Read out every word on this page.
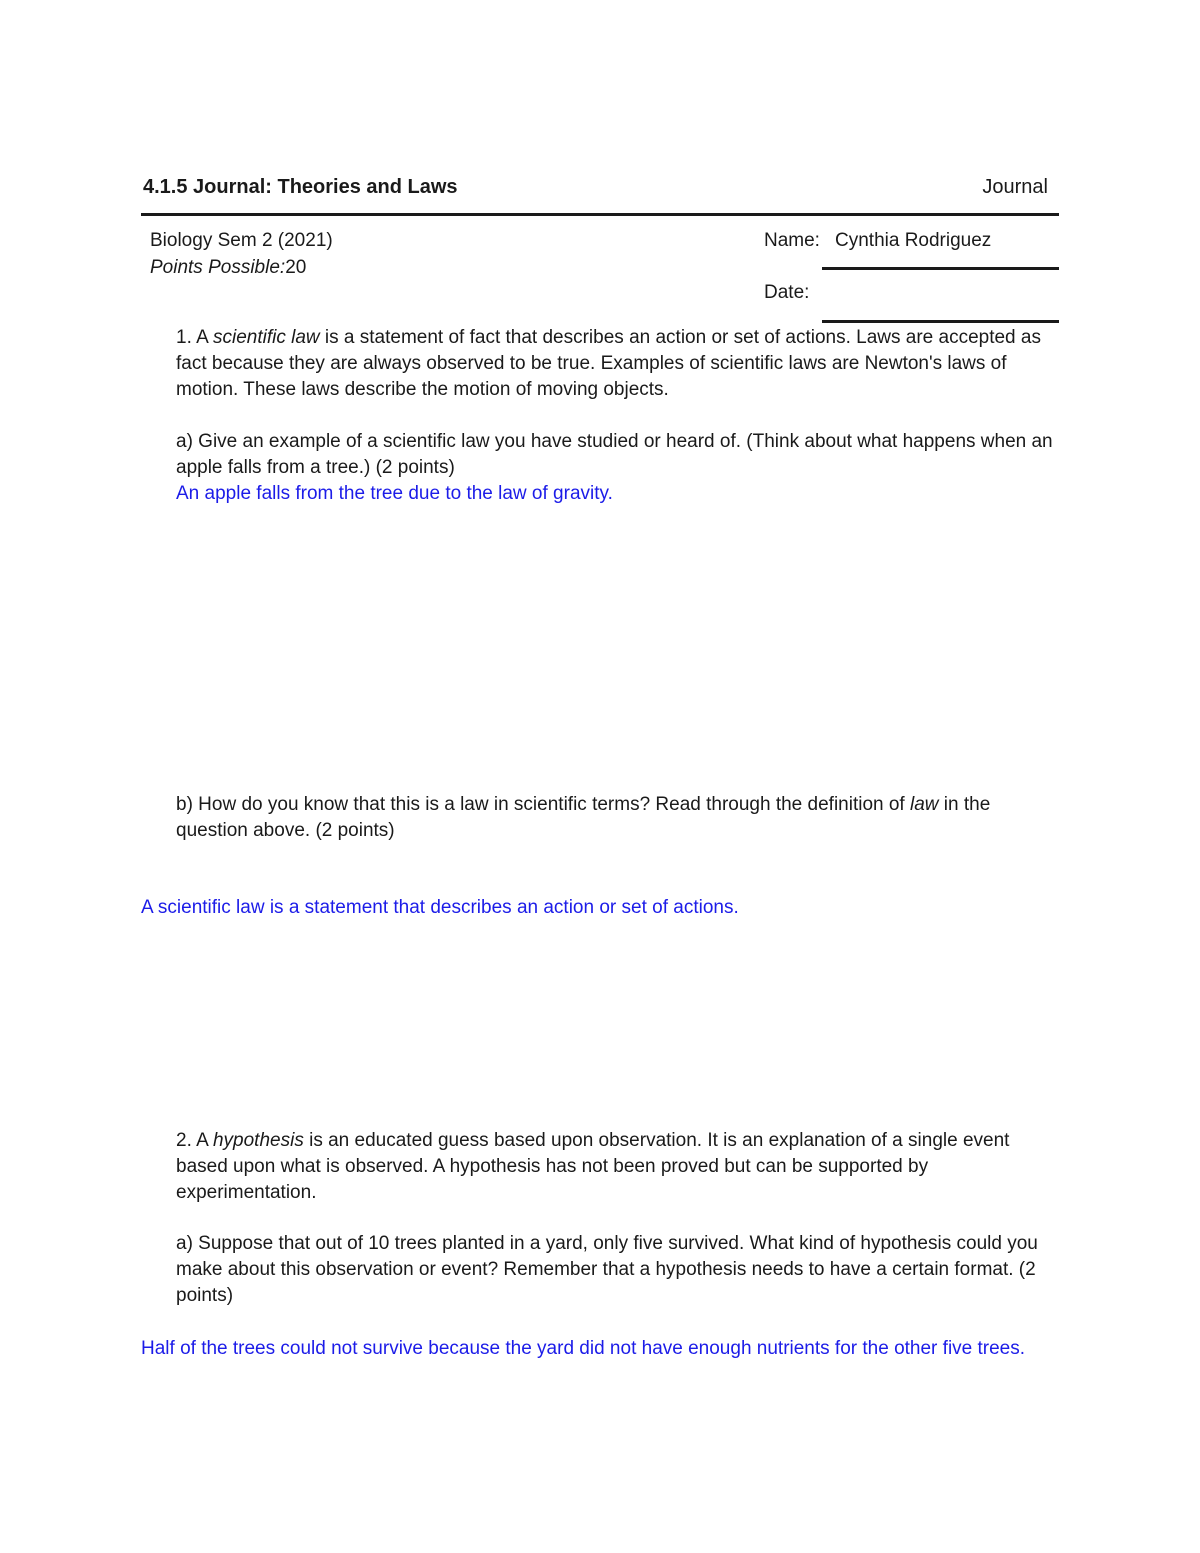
4.1.5 Journal: Theories and Laws	Journal
Biology Sem 2 (2021)
Points Possible:20
Name: Cynthia Rodriguez
Date:
1. A scientific law is a statement of fact that describes an action or set of actions. Laws are accepted as fact because they are always observed to be true. Examples of scientific laws are Newton's laws of motion. These laws describe the motion of moving objects.
a) Give an example of a scientific law you have studied or heard of. (Think about what happens when an apple falls from a tree.) (2 points)
An apple falls from the tree due to the law of gravity.
b) How do you know that this is a law in scientific terms? Read through the definition of law in the question above. (2 points)
A scientific law is a statement that describes an action or set of actions.
2. A hypothesis is an educated guess based upon observation. It is an explanation of a single event based upon what is observed. A hypothesis has not been proved but can be supported by experimentation.
a) Suppose that out of 10 trees planted in a yard, only five survived. What kind of hypothesis could you make about this observation or event? Remember that a hypothesis needs to have a certain format. (2 points)
Half of the trees could not survive because the yard did not have enough nutrients for the other five trees.
